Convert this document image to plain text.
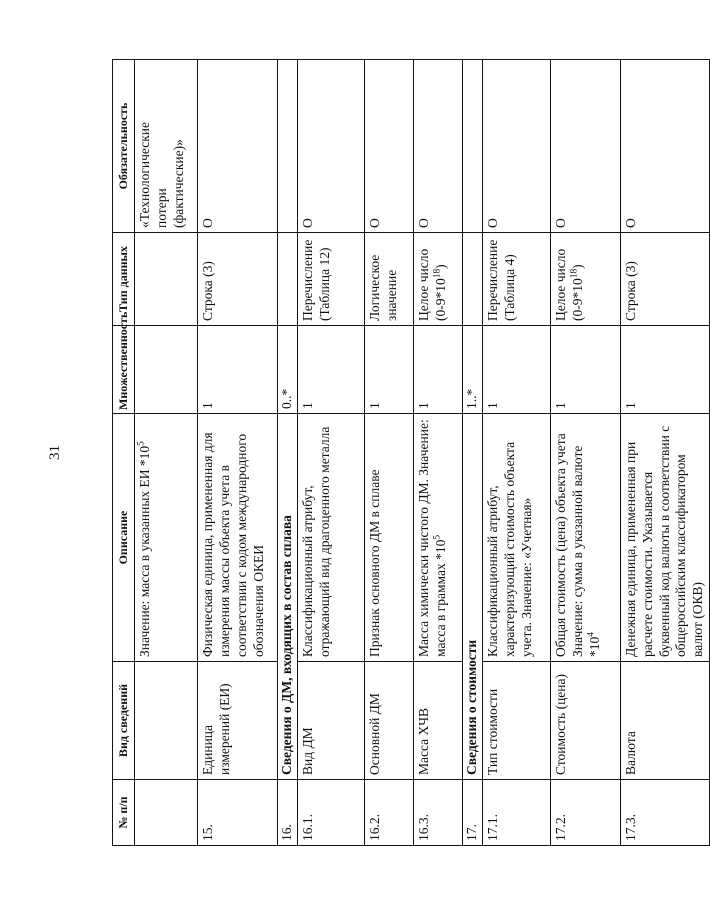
31
№ п/п	Вид сведений	Описание	Множественность	Тип данных	Обязательность
		Значение: масса в указанных ЕИ $*10^5$			«Технологические потери (фактические)»

15.	Единица измерений (ЕИ)	Физическая единица, примененная для измерения массы объекта учета в соответствии с кодом международного обозначения ОКЕИ	1	Строка (3)	O

16.	Сведения о ДМ, входящих в состав сплава		0..*		
16.1.	Вид ДМ	Классификационный атрибут, отражающий вид драгоценного металла	1	Перечисление (Таблица 12)	O

16.2.	Основной ДМ	Признак основного ДМ в сплаве	1	Логическое значение	O

16.3.	Масса ХЧВ	Масса химически чистого ДМ. Значение: масса в граммах $*10^5$	1	Целое число $(0-9*10^{18})$	O

17.	Сведения о стоимости		1..*		
17.1.	Тип стоимости	Классификационный атрибут, характеризующий стоимость объекта учета. Значение: «Учетная»	1	Перечисление (Таблица 4)	O

17.2.	Стоимость (цена)	Общая стоимость (цена) объекта учета Значение: сумма в указанной валюте $*10^4$	1	Целое число $(0-9*10^{18})$	O

17.3.	Валюта	Денежная единица, примененная при расчете стоимости. Указывается буквенный код валюты в соответствии с общероссийским классификатором валют (ОКВ)	1	Строка (3)	O
